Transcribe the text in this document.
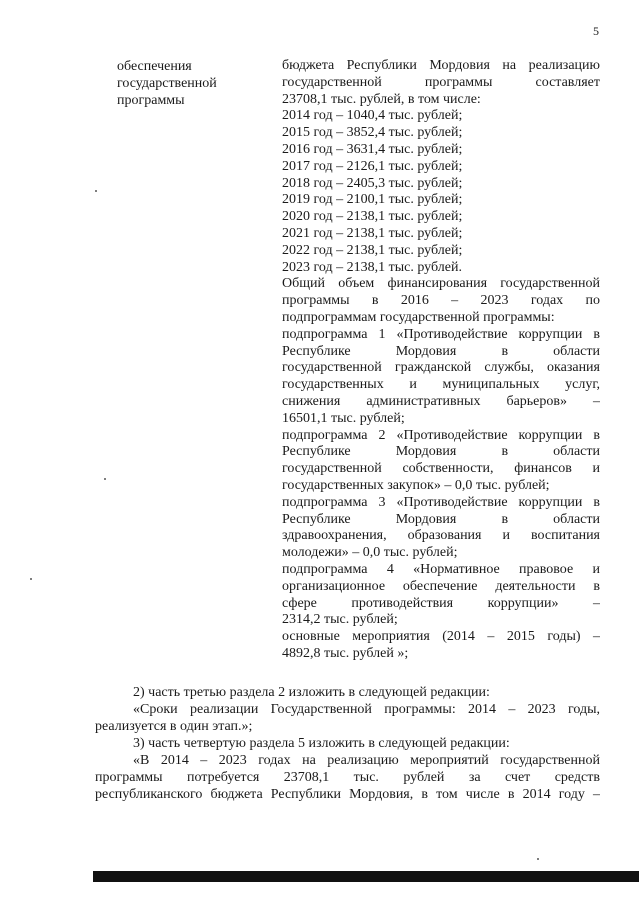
5
обеспечения
государственной
программы
бюджета Республики Мордовия на реализацию
государственной программы составляет
23708,1 тыс. рублей, в том числе:
2014 год – 1040,4 тыс. рублей;
2015 год – 3852,4 тыс. рублей;
2016 год – 3631,4 тыс. рублей;
2017 год – 2126,1 тыс. рублей;
2018 год – 2405,3 тыс. рублей;
2019 год – 2100,1 тыс. рублей;
2020 год – 2138,1 тыс. рублей;
2021 год – 2138,1 тыс. рублей;
2022 год – 2138,1 тыс. рублей;
2023 год – 2138,1 тыс. рублей.
Общий объем финансирования государственной
программы в 2016 – 2023 годах по
подпрограммам государственной программы:
подпрограмма 1 «Противодействие коррупции в
Республике Мордовия в области
государственной гражданской службы, оказания
государственных и муниципальных услуг,
снижения административных барьеров» –
16501,1 тыс. рублей;
подпрограмма 2 «Противодействие коррупции в
Республике Мордовия в области
государственной собственности, финансов и
государственных закупок» – 0,0 тыс. рублей;
подпрограмма 3 «Противодействие коррупции в
Республике Мордовия в области
здравоохранения, образования и воспитания
молодежи» – 0,0 тыс. рублей;
подпрограмма 4 «Нормативное правовое и
организационное обеспечение деятельности в
сфере противодействия коррупции» –
2314,2 тыс. рублей;
основные мероприятия (2014 – 2015 годы) –
4892,8 тыс. рублей »;
2) часть третью раздела 2 изложить в следующей редакции:
«Сроки реализации Государственной программы: 2014 – 2023 годы,
реализуется в один этап.»;
3) часть четвертую раздела 5 изложить в следующей редакции:
«В 2014 – 2023 годах на реализацию мероприятий государственной
программы потребуется 23708,1 тыс. рублей за счет средств
республиканского бюджета Республики Мордовия, в том числе в 2014 году –
